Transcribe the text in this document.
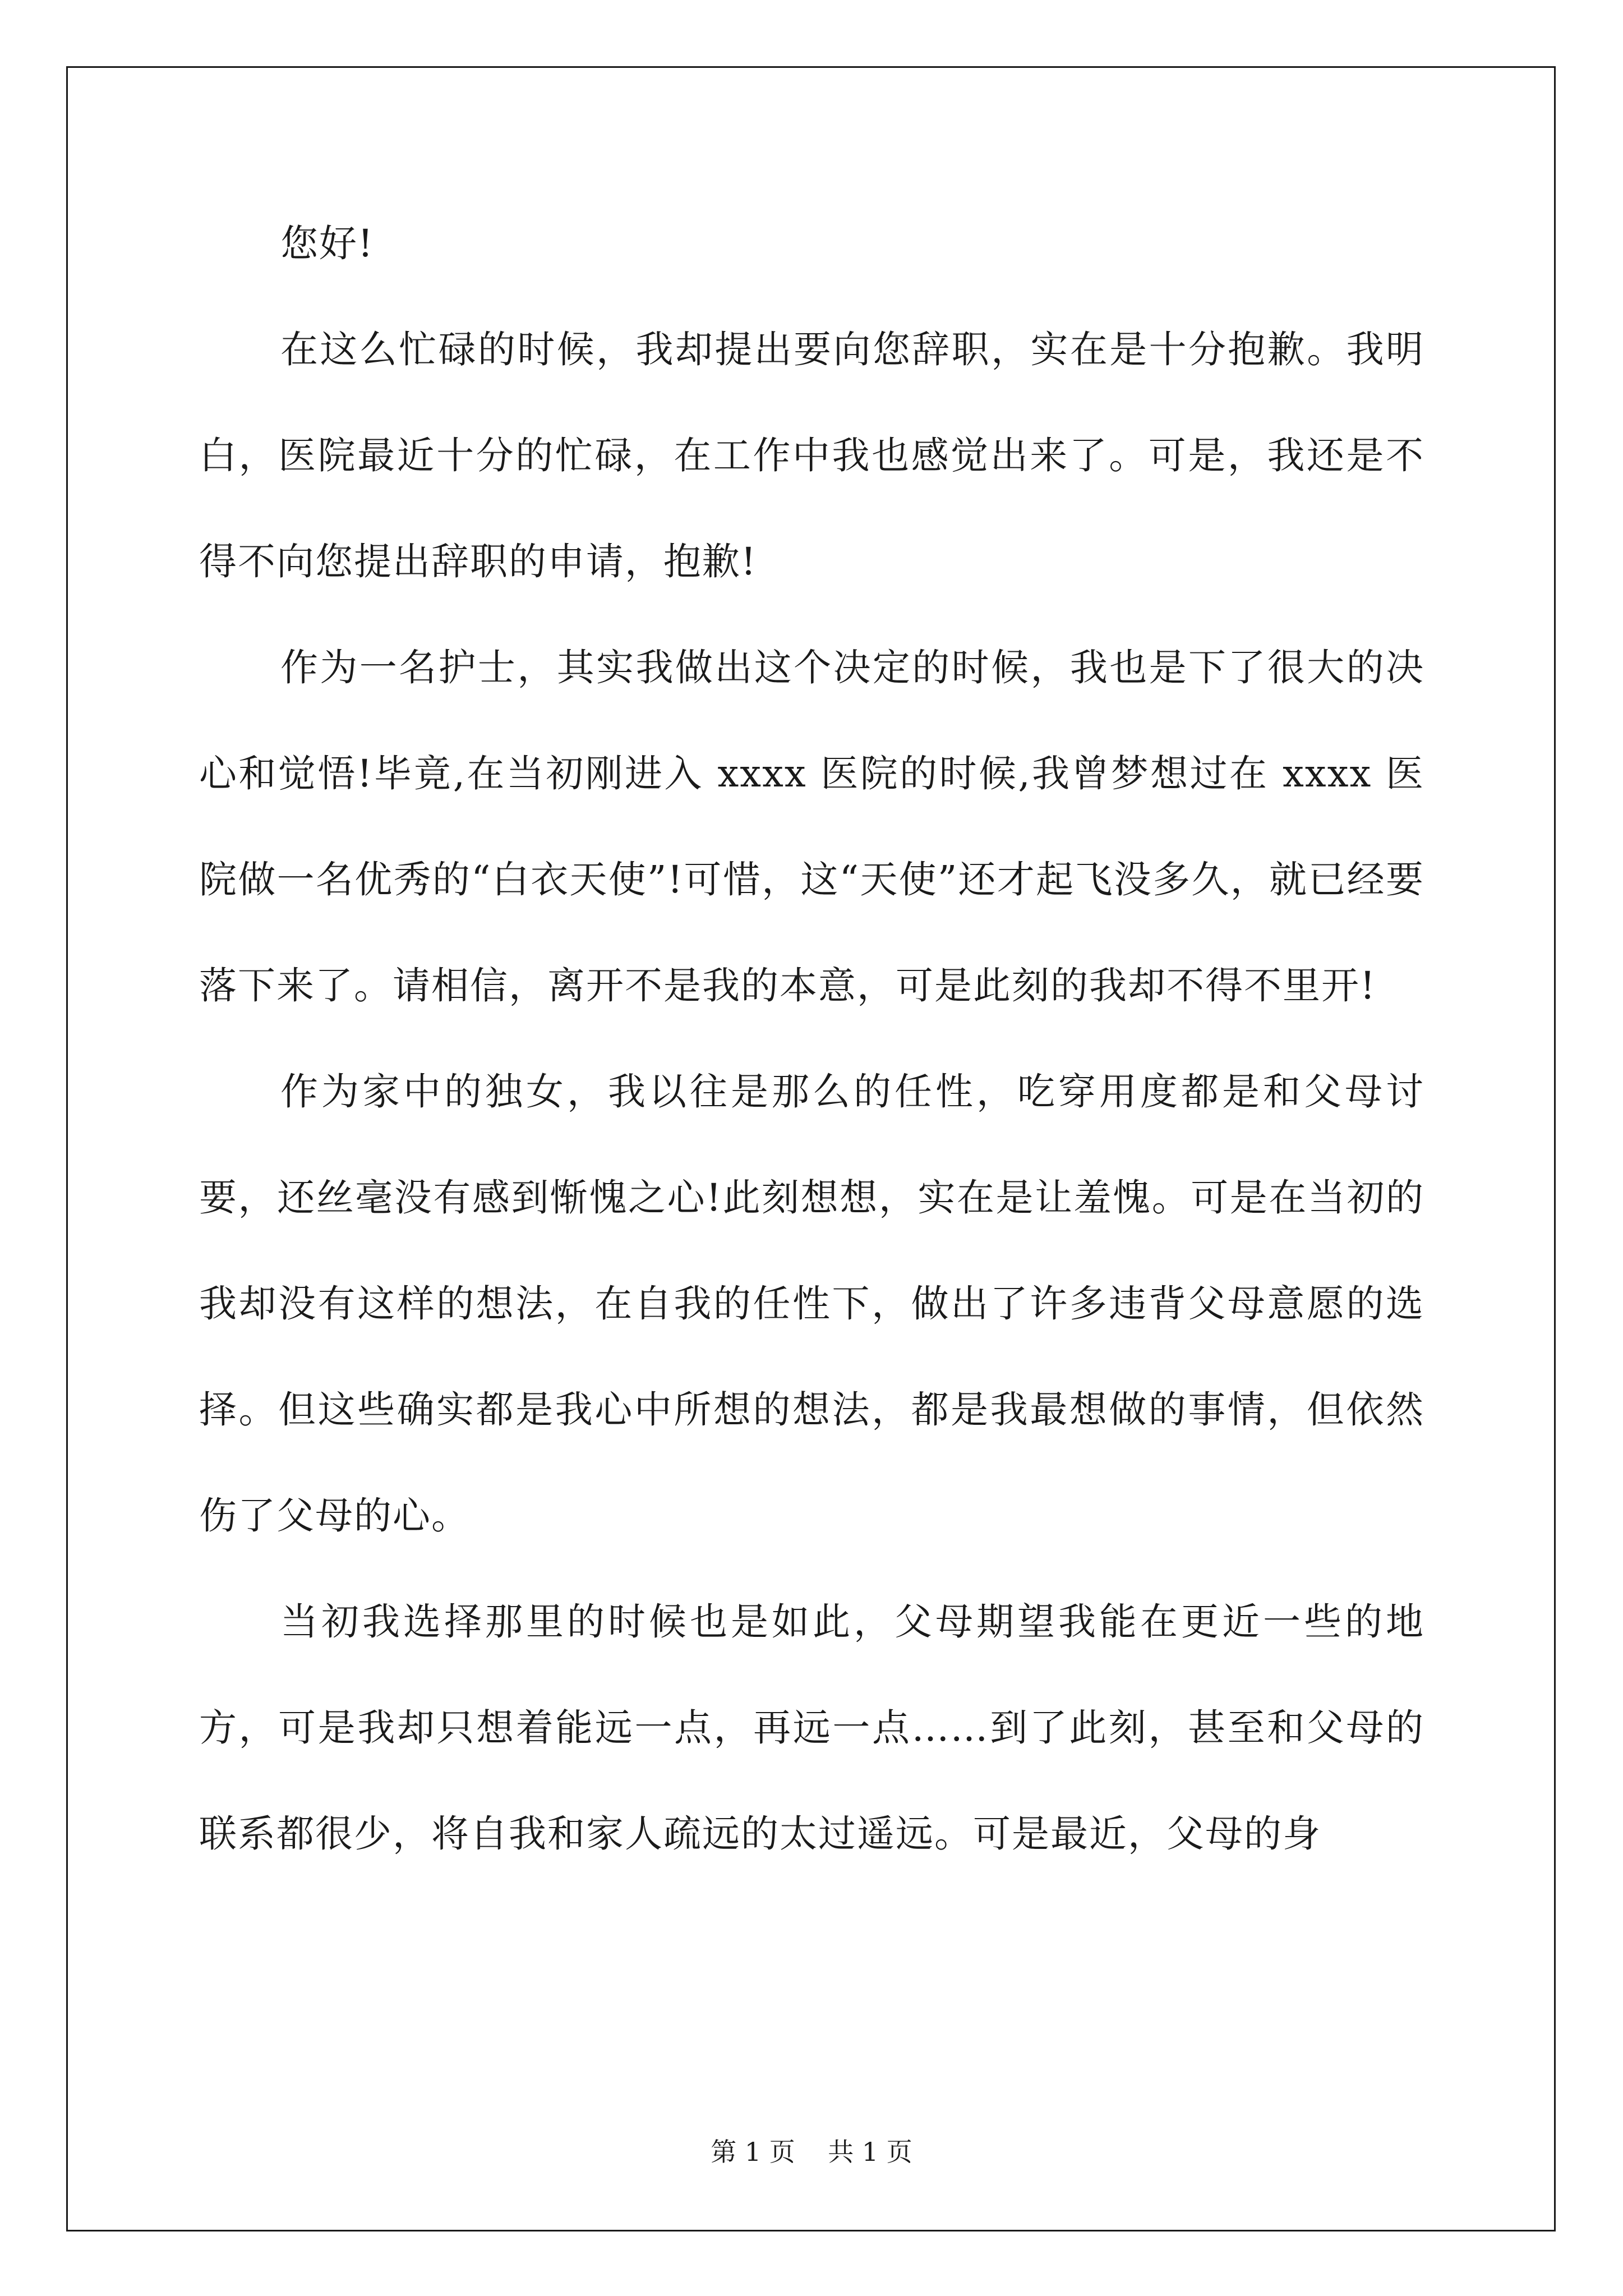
您好!

在这么忙碌的时候，我却提出要向您辞职，实在是十分抱歉。我明白，医院最近十分的忙碌，在工作中我也感觉出来了。可是，我还是不得不向您提出辞职的申请，抱歉!

作为一名护士，其实我做出这个决定的时候，我也是下了很大的决心和觉悟!毕竟,在当初刚进入 xxxx 医院的时候,我曾梦想过在 xxxx 医院做一名优秀的“白衣天使”!可惜，这“天使”还才起飞没多久，就已经要落下来了。请相信，离开不是我的本意，可是此刻的我却不得不里开!

作为家中的独女，我以往是那么的任性，吃穿用度都是和父母讨要，还丝毫没有感到惭愧之心!此刻想想，实在是让羞愧。可是在当初的我却没有这样的想法，在自我的任性下，做出了许多违背父母意愿的选择。但这些确实都是我心中所想的想法，都是我最想做的事情，但依然伤了父母的心。

当初我选择那里的时候也是如此，父母期望我能在更近一些的地方，可是我却只想着能远一点，再远一点……到了此刻，甚至和父母的联系都很少，将自我和家人疏远的太过遥远。可是最近，父母的身

第 1 页 共 1 页
